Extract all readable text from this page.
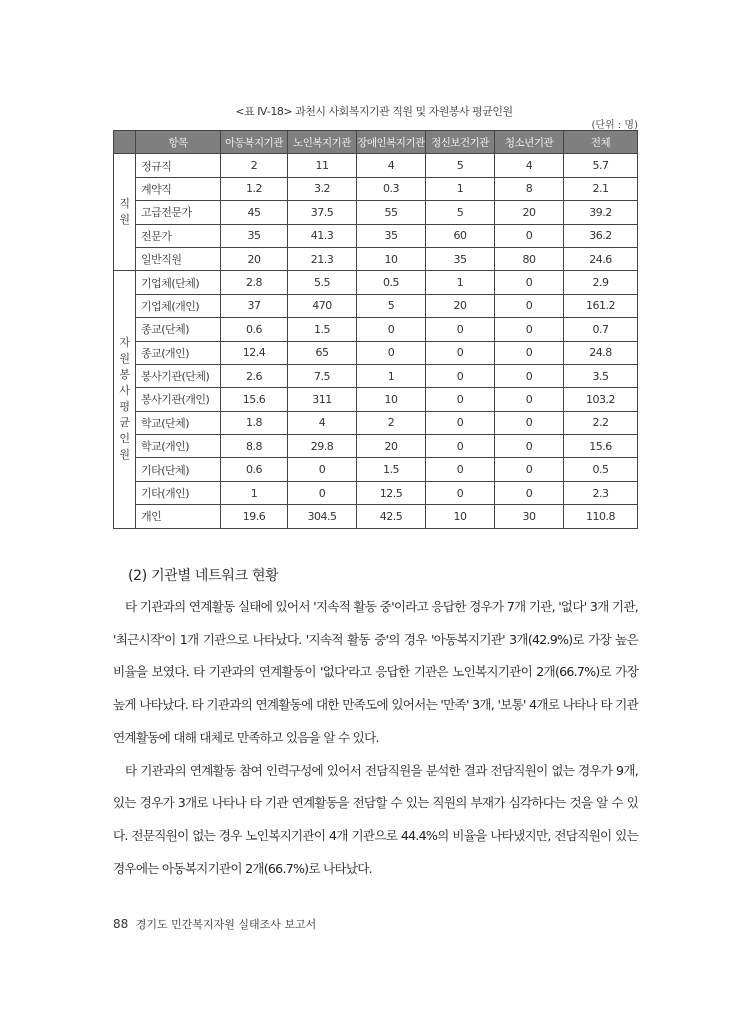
<표 Ⅳ-18> 과천시 사회복지기관 직원 및 자원봉사 평균인원
(단위 : 명)
	항목	아동복지기관	노인복지기관	장애인복지기관	정신보건기관	청소년기관	전체
직원	정규직	2	11	4	5	4	5.7
	계약직	1.2	3.2	0.3	1	8	2.1
	고급전문가	45	37.5	55	5	20	39.2
	전문가	35	41.3	35	60	0	36.2
	일반직원	20	21.3	10	35	80	24.6
자원봉사평균인원	기업체(단체)	2.8	5.5	0.5	1	0	2.9
	기업체(개인)	37	470	5	20	0	161.2
	종교(단체)	0.6	1.5	0	0	0	0.7
	종교(개인)	12.4	65	0	0	0	24.8
	봉사기관(단체)	2.6	7.5	1	0	0	3.5
	봉사기관(개인)	15.6	311	10	0	0	103.2
	학교(단체)	1.8	4	2	0	0	2.2
	학교(개인)	8.8	29.8	20	0	0	15.6
	기타(단체)	0.6	0	1.5	0	0	0.5
	기타(개인)	1	0	12.5	0	0	2.3
	개인	19.6	304.5	42.5	10	30	110.8
(2) 기관별 네트워크 현황

타 기관과의 연계활동 실태에 있어서 '지속적 활동 중'이라고 응답한 경우가 7개 기관, '없다' 3개 기관, '최근시작'이 1개 기관으로 나타났다. '지속적 활동 중'의 경우 '아동복지기관' 3개(42.9%)로 가장 높은 비율을 보였다. 타 기관과의 연계활동이 '없다'라고 응답한 기관은 노인복지기관이 2개(66.7%)로 가장 높게 나타났다. 타 기관과의 연계활동에 대한 만족도에 있어서는 '만족' 3개, '보통' 4개로 나타나 타 기관 연계활동에 대해 대체로 만족하고 있음을 알 수 있다.

타 기관과의 연계활동 참여 인력구성에 있어서 전담직원을 분석한 결과 전담직원이 없는 경우가 9개, 있는 경우가 3개로 나타나 타 기관 연계활동을 전담할 수 있는 직원의 부재가 심각하다는 것을 알 수 있다. 전문직원이 없는 경우 노인복지기관이 4개 기관으로 44.4%의 비율을 나타냈지만, 전담직원이 있는 경우에는 아동복지기관이 2개(66.7%)로 나타났다.

88 경기도 민간복지자원 실태조사 보고서
